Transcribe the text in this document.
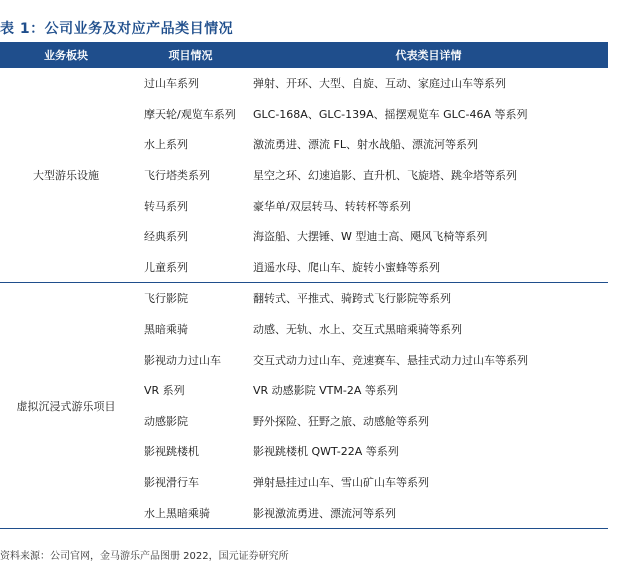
表 1：公司业务及对应产品类目情况
业务板块	项目情况	代表类目详情
大型游乐设施	过山车系列	弹射、开环、大型、自旋、互动、家庭过山车等系列
	摩天轮/观览车系列	GLC-168A、GLC-139A、摇摆观览车 GLC-46A 等系列
	水上系列	激流勇进、漂流 FL、射水战船、漂流河等系列
	飞行塔类系列	星空之环、幻速追影、直升机、飞旋塔、跳伞塔等系列
	转马系列	豪华单/双层转马、转转杯等系列
	经典系列	海盗船、大摆锤、W 型迪士高、飓风飞椅等系列
	儿童系列	逍遥水母、爬山车、旋转小蜜蜂等系列
虚拟沉浸式游乐项目	飞行影院	翻转式、平推式、骑跨式飞行影院等系列
	黑暗乘骑	动感、无轨、水上、交互式黑暗乘骑等系列
	影视动力过山车	交互式动力过山车、竞速赛车、悬挂式动力过山车等系列
	VR 系列	VR 动感影院 VTM-2A 等系列
	动感影院	野外探险、狂野之旅、动感舱等系列
	影视跳楼机	影视跳楼机 QWT-22A 等系列
	影视滑行车	弹射悬挂过山车、雪山矿山车等系列
	水上黑暗乘骑	影视激流勇进、漂流河等系列
资料来源：公司官网，金马游乐产品图册 2022，国元证券研究所
